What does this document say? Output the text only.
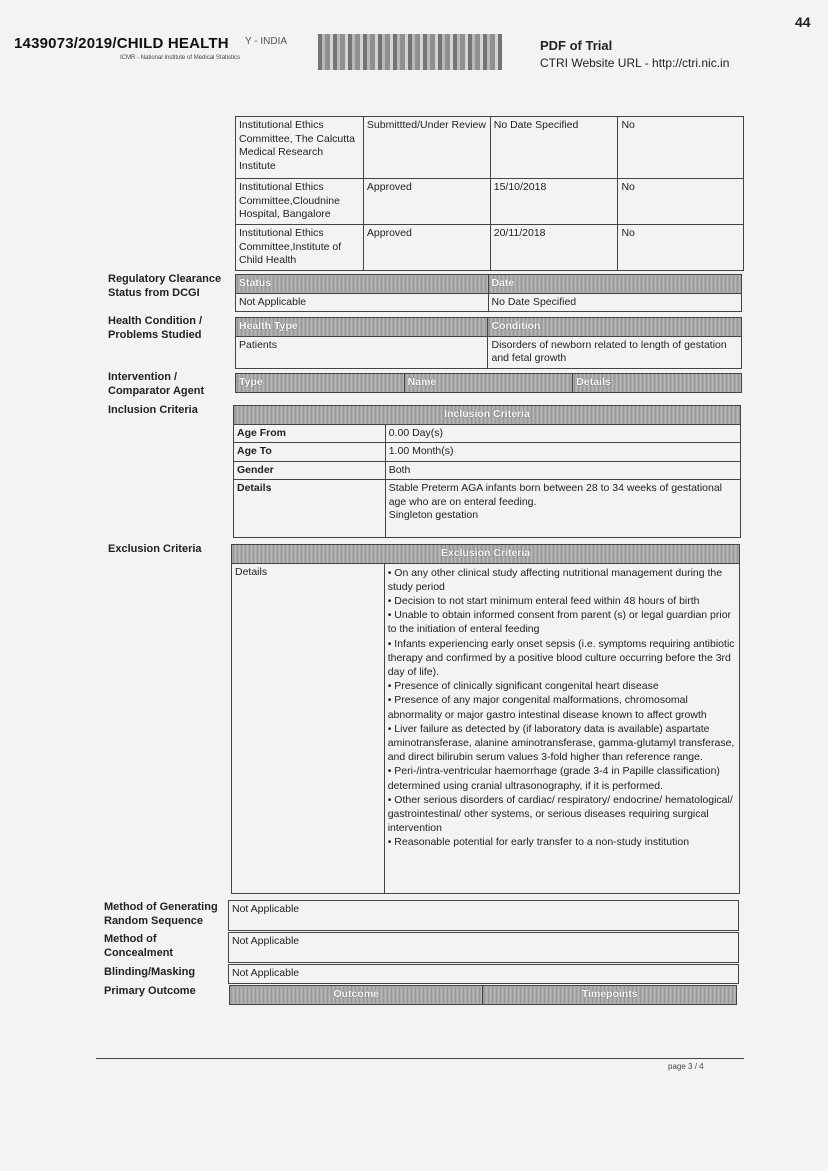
44
1439073/2019/CHILD HEALTH Y - INDIA
ICMR - National Institute of Medical Statistics
PDF of Trial
CTRI Website URL - http://ctri.nic.in
Institutional Ethics Committee, The Calcutta Medical Research Institute	Submittted/Under Review	No Date Specified	No
Institutional Ethics Committee,Cloudnine Hospital, Bangalore	Approved	15/10/2018	No
Institutional Ethics Committee,Institute of Child Health	Approved	20/11/2018	No
Regulatory Clearance Status from DCGI
Status	Date
Not Applicable	No Date Specified
Health Condition / Problems Studied
Health Type	Condition
Patients	Disorders of newborn related to length of gestation and fetal growth
Intervention / Comparator Agent
Type	Name	Details
Inclusion Criteria	Inclusion Criteria	
Age From	0.00 Day(s)
Age To	1.00 Month(s)
Gender	Both
Details	Stable Preterm AGA infants born between 28 to 34 weeks of gestational age who are on enteral feeding.
Singleton gestation
Exclusion Criteria	Exclusion Criteria
Details	• On any other clinical study affecting nutritional management during the study period
• Decision to not start minimum enteral feed within 48 hours of birth
• Unable to obtain informed consent from parent (s) or legal guardian prior to the initiation of enteral feeding
• Infants experiencing early onset sepsis (i.e. symptoms requiring antibiotic therapy and confirmed by a positive blood culture occurring before the 3rd day of life).
• Presence of clinically significant congenital heart disease
• Presence of any major congenital malformations, chromosomal abnormality or major gastro intestinal disease known to affect growth
• Liver failure as detected by (if laboratory data is available) aspartate aminotransferase, alanine aminotransferase, gamma-glutamyl transferase, and direct bilirubin serum values 3-fold higher than reference range.
• Peri-/intra-ventricular haemorrhage (grade 3-4 in Papille classification) determined using cranial ultrasonography, if it is performed.
• Other serious disorders of cardiac/ respiratory/ endocrine/ hematological/ gastrointestinal/ other systems, or serious diseases requiring surgical intervention
• Reasonable potential for early transfer to a non-study institution
Method of Generating Random Sequence
Not Applicable
Method of Concealment
Not Applicable
Blinding/Masking	Not Applicable
Primary Outcome	Outcome	Timepoints
page 3 / 4
